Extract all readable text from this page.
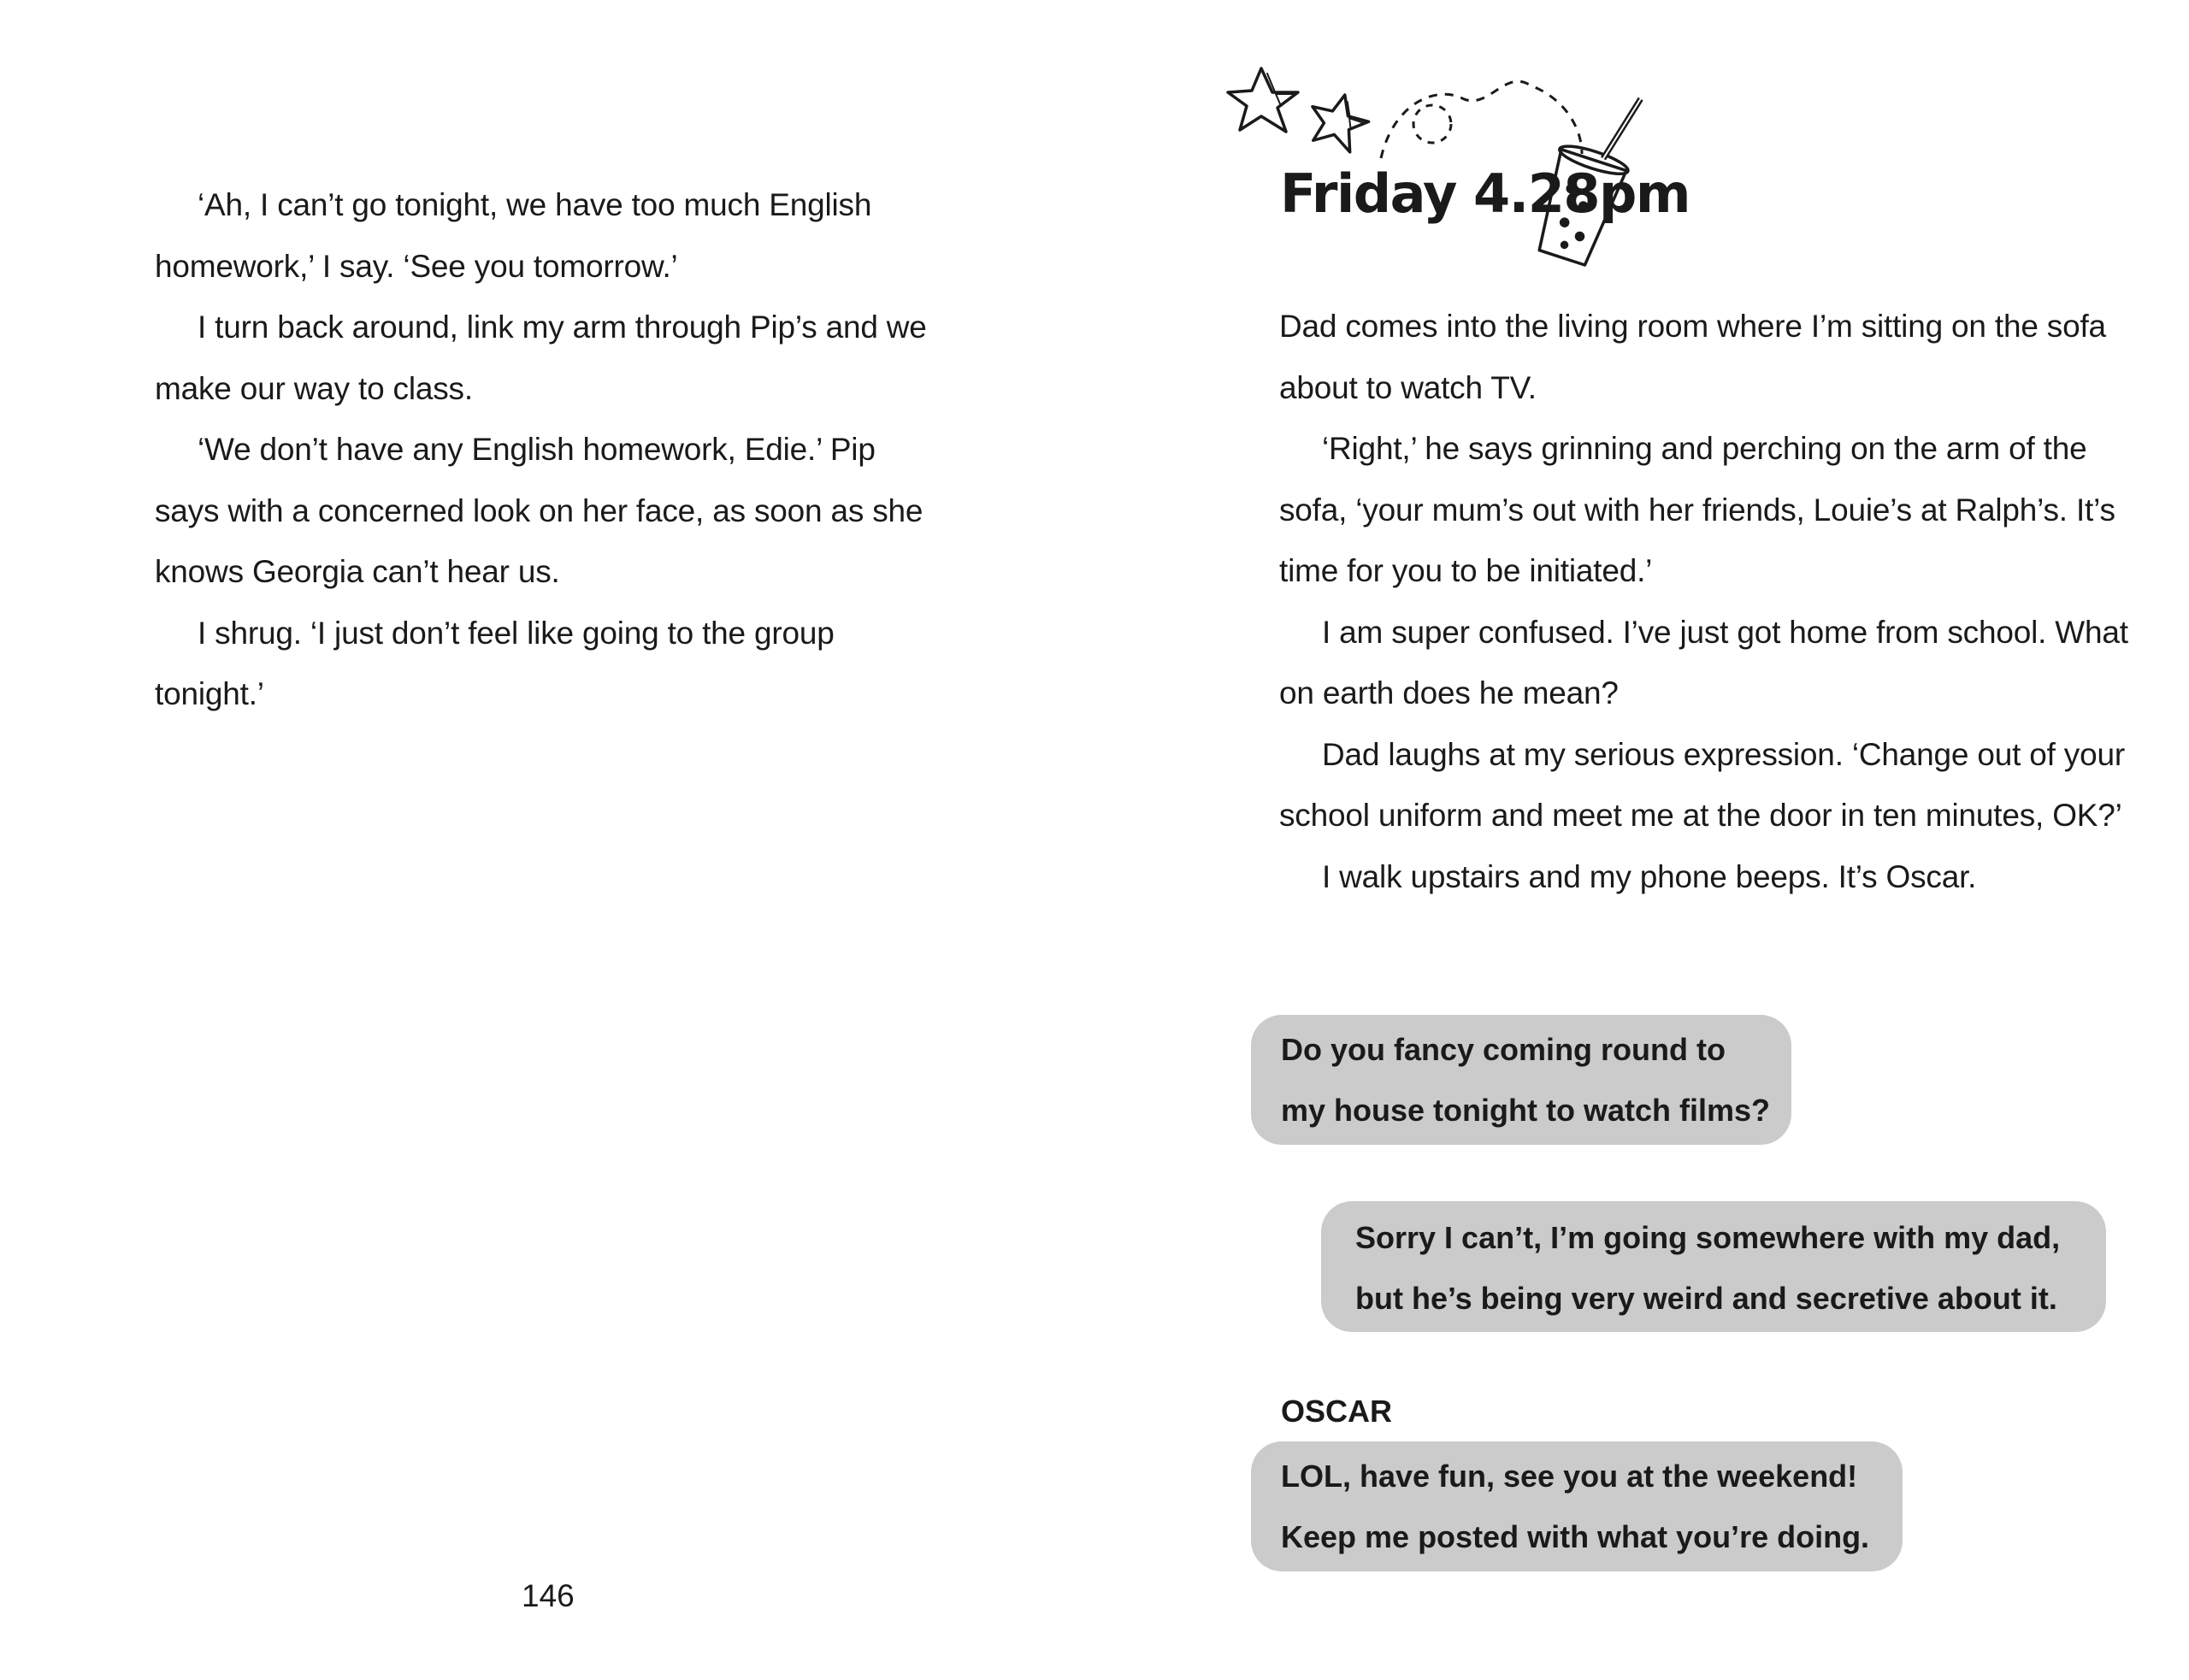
‘Ah, I can’t go tonight, we have too much English homework,’ I say. ‘See you tomorrow.’

I turn back around, link my arm through Pip’s and we make our way to class.

‘We don’t have any English homework, Edie.’ Pip says with a concerned look on her face, as soon as she knows Georgia can’t hear us.

I shrug. ‘I just don’t feel like going to the group tonight.’

146
Friday 4.28pm

Dad comes into the living room where I’m sitting on the sofa about to watch TV.

‘Right,’ he says grinning and perching on the arm of the sofa, ‘your mum’s out with her friends, Louie’s at Ralph’s. It’s time for you to be initiated.’

I am super confused. I’ve just got home from school. What on earth does he mean?

Dad laughs at my serious expression. ‘Change out of your school uniform and meet me at the door in ten minutes, OK?’

I walk upstairs and my phone beeps. It’s Oscar.

Do you fancy coming round to
my house tonight to watch films?
Sorry I can’t, I’m going somewhere with my dad,
but he’s being very weird and secretive about it.
OSCAR
LOL, have fun, see you at the weekend!
Keep me posted with what you’re doing.
